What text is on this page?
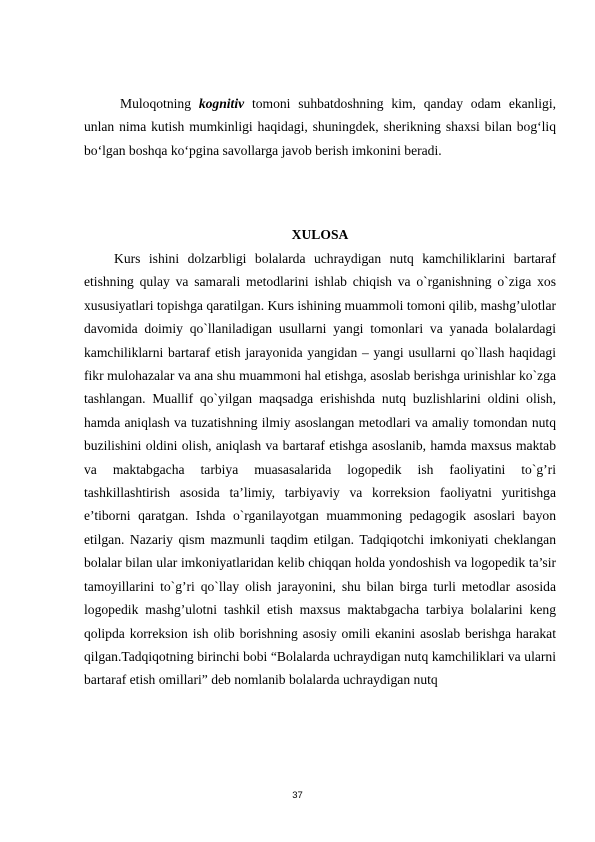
Muloqotning kognitiv tomoni suhbatdoshning kim, qanday odam ekanligi, unlan nima kutish mumkinligi haqidagi, shuningdek, sherikning shaxsi bilan bog‘liq bo‘lgan boshqa ko‘pgina savollarga javob berish imkonini beradi.

XULOSA

Kurs ishini dolzarbligi bolalarda uchraydigan nutq kamchiliklarini bartaraf etishning qulay va samarali metodlarini ishlab chiqish va o`rganishning o`ziga xos xususiyatlari topishga qaratilgan. Kurs ishining muammoli tomoni qilib, mashg’ulotlar davomida doimiy qo`llaniladigan usullarni yangi tomonlari va yanada bolalardagi kamchiliklarni bartaraf etish jarayonida yangidan – yangi usullarni qo`llash haqidagi fikr mulohazalar va ana shu muammoni hal etishga, asoslab berishga urinishlar ko`zga tashlangan. Muallif qo`yilgan maqsadga erishishda nutq buzlishlarini oldini olish, hamda aniqlash va tuzatishning ilmiy asoslangan metodlari va amaliy tomondan nutq buzilishini oldini olish, aniqlash va bartaraf etishga asoslanib, hamda maxsus maktab va maktabgacha tarbiya muasasalarida logopedik ish faoliyatini to`g’ri tashkillashtirish asosida ta’limiy, tarbiyaviy va korreksion faoliyatni yuritishga e’tiborni qaratgan. Ishda o`rganilayotgan muammoning pedagogik asoslari bayon etilgan. Nazariy qism mazmunli taqdim etilgan. Tadqiqotchi imkoniyati cheklangan bolalar bilan ular imkoniyatlaridan kelib chiqqan holda yondoshish va logopedik ta’sir tamoyillarini to`g’ri qo`llay olish jarayonini, shu bilan birga turli metodlar asosida logopedik mashg’ulotni tashkil etish maxsus maktabgacha tarbiya bolalarini keng qolipda korreksion ish olib borishning asosiy omili ekanini asoslab berishga harakat qilgan.Tadqiqotning birinchi bobi “Bolalarda uchraydigan nutq kamchiliklari va ularni bartaraf etish omillari” deb nomlanib bolalarda uchraydigan nutq

37
